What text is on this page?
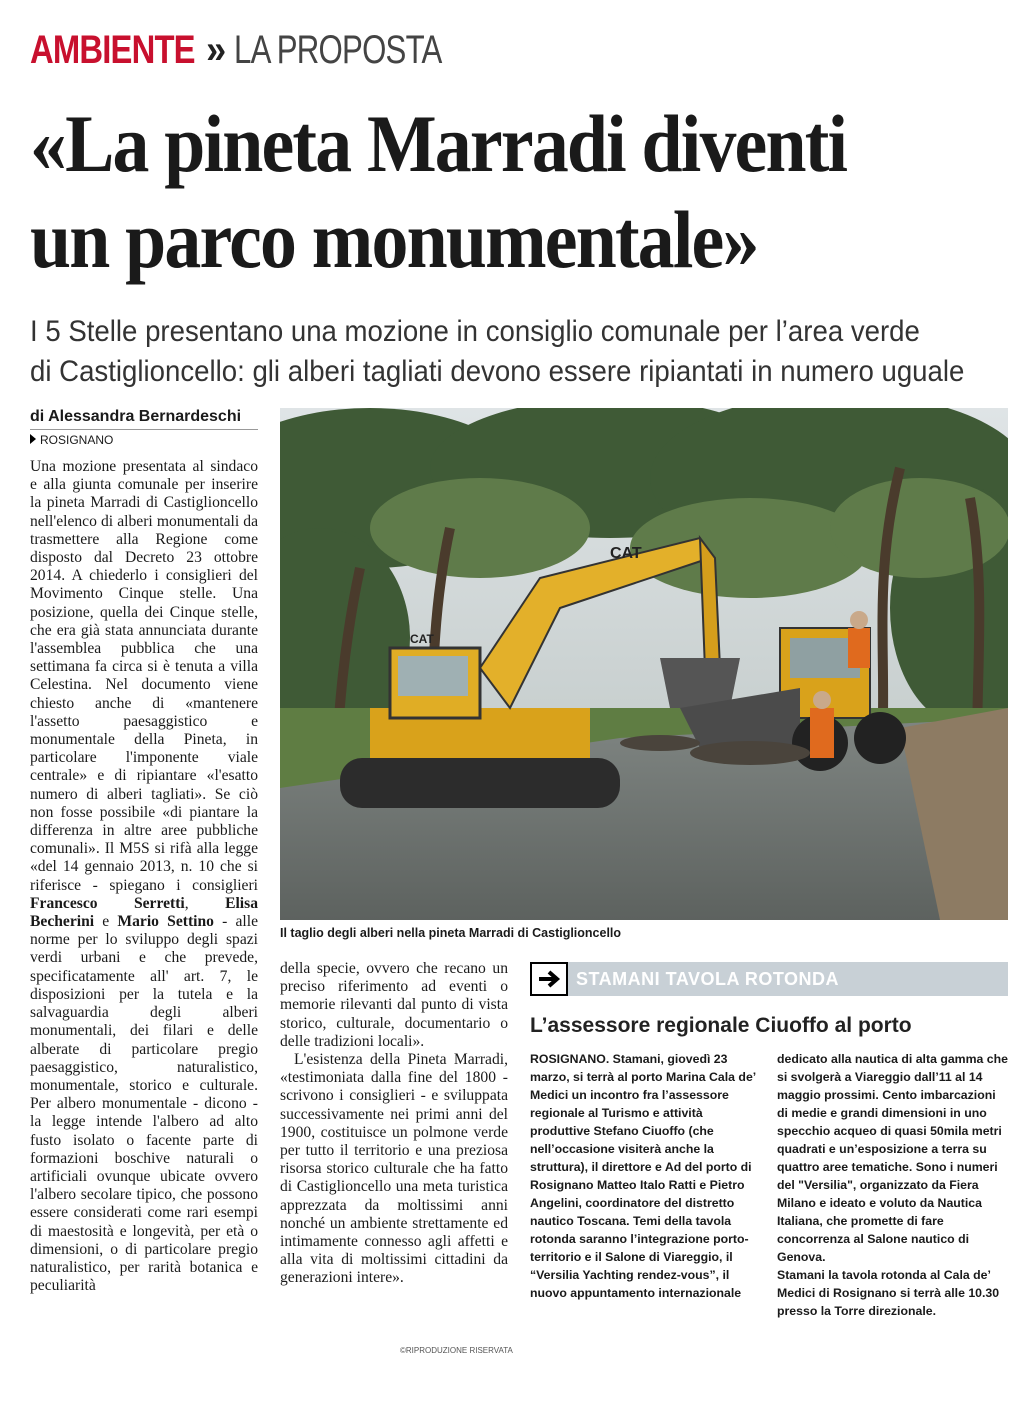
AMBIENTE » LA PROPOSTA
«La pineta Marradi diventi
un parco monumentale»
I 5 Stelle presentano una mozione in consiglio comunale per l’area verde
di Castiglioncello: gli alberi tagliati devono essere ripiantati in numero uguale
di Alessandra Bernardeschi
ROSIGNANO

Una mozione presentata al sindaco e alla giunta comunale per inserire la pineta Marradi di Castiglioncello nell'elenco di alberi monumentali da trasmettere alla Regione come disposto dal Decreto 23 ottobre 2014. A chiederlo i consiglieri del Movimento Cinque stelle. Una posizione, quella dei Cinque stelle, che era già stata annunciata durante l'assemblea pubblica che una settimana fa circa si è tenuta a villa Celestina. Nel documento viene chiesto anche di «mantenere l'assetto paesaggistico e monumentale della Pineta, in particolare l'imponente viale centrale» e di ripiantare «l'esatto numero di alberi tagliati». Se ciò non fosse possibile «di piantare la differenza in altre aree pubbliche comunali». Il M5S si rifà alla legge «del 14 gennaio 2013, n. 10 che si riferisce - spiegano i consiglieri Francesco Serretti, Elisa Becherini e Mario Settino - alle norme per lo sviluppo degli spazi verdi urbani e che prevede, specificatamente all' art. 7, le disposizioni per la tutela e la salvaguardia degli alberi monumentali, dei filari e delle alberate di particolare pregio paesaggistico, naturalistico, monumentale, storico e culturale. Per albero monumentale - dicono - la legge intende l'albero ad alto fusto isolato o facente parte di formazioni boschive naturali o artificiali ovunque ubicate ovvero l'albero secolare tipico, che possono essere considerati come rari esempi di maestosità e longevità, per età o dimensioni, o di particolare pregio naturalistico, per rarità botanica e peculiarità

CAT
CAT
Il taglio degli alberi nella pineta Marradi di Castiglioncello

della specie, ovvero che recano un preciso riferimento ad eventi o memorie rilevanti dal punto di vista storico, culturale, documentario o delle tradizioni locali».

L'esistenza della Pineta Marradi, «testimoniata dalla fine del 1800 - scrivono i consiglieri - e sviluppata successivamente nei primi anni del 1900, costituisce un polmone verde per tutto il territorio e una preziosa risorsa storico culturale che ha fatto di Castiglioncello una meta turistica apprezzata da moltissimi anni nonché un ambiente strettamente ed intimamente connesso agli affetti e alla vita di moltissimi cittadini da generazioni intere».

©RIPRODUZIONE RISERVATA
STAMANI TAVOLA ROTONDA
L’assessore regionale Ciuoffo al porto

ROSIGNANO. Stamani, giovedì 23 marzo, si terrà al porto Marina Cala de’ Medici un incontro fra l’assessore regionale al Turismo e attività produttive Stefano Ciuoffo (che nell’occasione visiterà anche la struttura), il direttore e Ad del porto di Rosignano Matteo Italo Ratti e Pietro Angelini, coordinatore del distretto nautico Toscana. Temi della tavola rotonda saranno l’integrazione porto-territorio e il Salone di Viareggio, il “Versilia Yachting rendez-vous”, il nuovo appuntamento internazionale

dedicato alla nautica di alta gamma che si svolgerà a Viareggio dall’11 al 14 maggio prossimi. Cento imbarcazioni di medie e grandi dimensioni in uno specchio acqueo di quasi 50mila metri quadrati e un’esposizione a terra su quattro aree tematiche. Sono i numeri del "Versilia", organizzato da Fiera Milano e ideato e voluto da Nautica Italiana, che promette di fare concorrenza al Salone nautico di Genova.

Stamani la tavola rotonda al Cala de’ Medici di Rosignano si terrà alle 10.30 presso la Torre direzionale.
